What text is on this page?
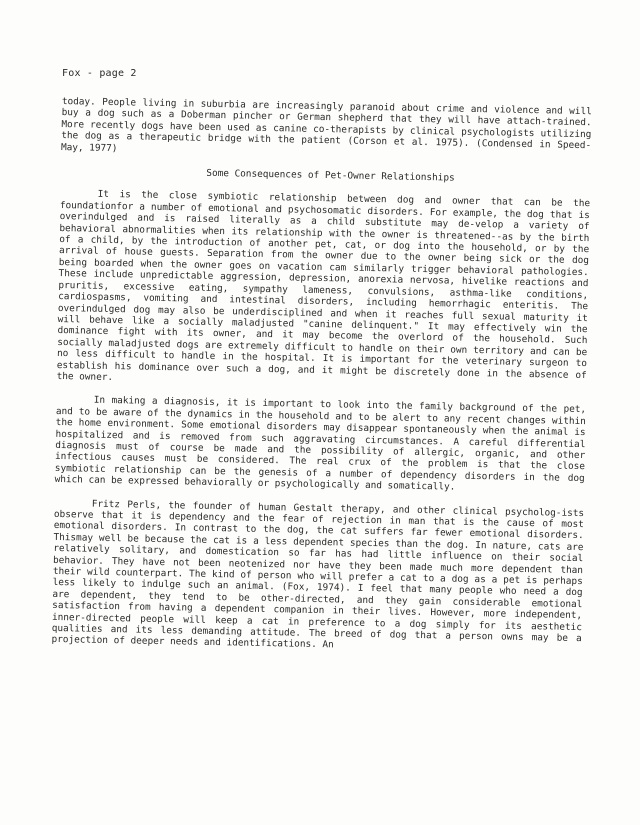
Fox - page 2

today. People living in suburbia are increasingly paranoid about crime and violence and will buy a dog such as a Doberman pincher or German shepherd that they will have attach-trained. More recently dogs have been used as canine co-therapists by clinical psychologists utilizing the dog as a therapeutic bridge with the patient (Corson et al. 1975). (Condensed in Speed-May, 1977)

Some Consequences of Pet-Owner Relationships

It is the close symbiotic relationship between dog and owner that can be the foundationfor a number of emotional and psychosomatic disorders. For example, the dog that is overindulged and is raised literally as a child substitute may de-velop a variety of behavioral abnormalities when its relationship with the owner is threatened--as by the birth of a child, by the introduction of another pet, cat, or dog into the household, or by the arrival of house guests. Separation from the owner due to the owner being sick or the dog being boarded when the owner goes on vacation cam similarly trigger behavioral pathologies. These include unpredictable aggression, depression, anorexia nervosa, hivelike reactions and pruritis, excessive eating, sympathy lameness, convulsions, asthma-like conditions, cardiospasms, vomiting and intestinal disorders, including hemorrhagic enteritis. The overindulged dog may also be underdisciplined and when it reaches full sexual maturity it will behave like a socially maladjusted "canine delinquent." It may effectively win the dominance fight with its owner, and it may become the overlord of the household. Such socially maladjusted dogs are extremely difficult to handle on their own territory and can be no less difficult to handle in the hospital. It is important for the veterinary surgeon to establish his dominance over such a dog, and it might be discretely done in the absence of the owner.

In making a diagnosis, it is important to look into the family background of the pet, and to be aware of the dynamics in the household and to be alert to any recent changes within the home environment. Some emotional disorders may disappear spontaneously when the animal is hospitalized and is removed from such aggravating circumstances. A careful differential diagnosis must of course be made and the possibility of allergic, organic, and other infectious causes must be considered. The real crux of the problem is that the close symbiotic relationship can be the genesis of a number of dependency disorders in the dog which can be expressed behaviorally or psychologically and somatically.

Fritz Perls, the founder of human Gestalt therapy, and other clinical psycholog-ists observe that it is dependency and the fear of rejection in man that is the cause of most emotional disorders. In contrast to the dog, the cat suffers far fewer emotional disorders. Thismay well be because the cat is a less dependent species than the dog. In nature, cats are relatively solitary, and domestication so far has had little influence on their social behavior. They have not been neotenized nor have they been made much more dependent than their wild counterpart. The kind of person who will prefer a cat to a dog as a pet is perhaps less likely to indulge such an animal. (Fox, 1974). I feel that many people who need a dog are dependent, they tend to be other-directed, and they gain considerable emotional satisfaction from having a dependent companion in their lives. However, more independent, inner-directed people will keep a cat in preference to a dog simply for its aesthetic qualities and its less demanding attitude. The breed of dog that a person owns may be a projection of deeper needs and identifications. An
